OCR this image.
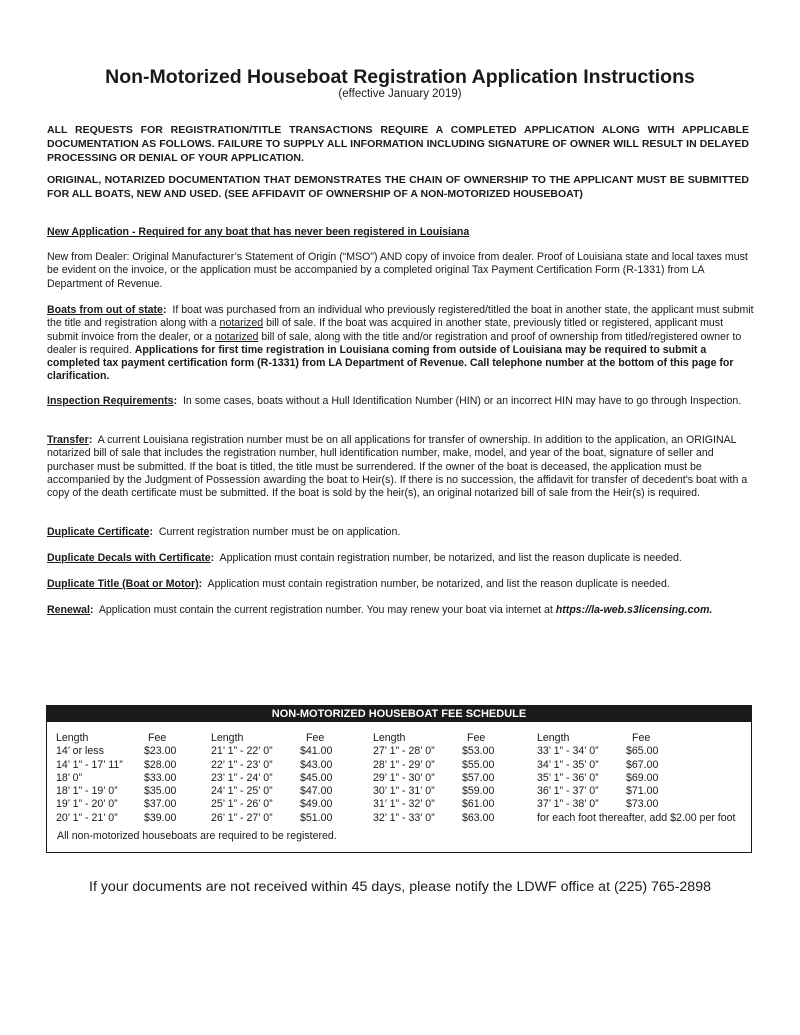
Non-Motorized Houseboat Registration Application Instructions

(effective January 2019)

ALL REQUESTS FOR REGISTRATION/TITLE TRANSACTIONS REQUIRE A COMPLETED APPLICATION ALONG WITH APPLICABLE DOCUMENTATION AS FOLLOWS. FAILURE TO SUPPLY ALL INFORMATION INCLUDING SIGNATURE OF OWNER WILL RESULT IN DELAYED PROCESSING OR DENIAL OF YOUR APPLICATION.

ORIGINAL, NOTARIZED DOCUMENTATION THAT DEMONSTRATES THE CHAIN OF OWNERSHIP TO THE APPLICANT MUST BE SUBMITTED FOR ALL BOATS, NEW AND USED. (SEE AFFIDAVIT OF OWNERSHIP OF A NON-MOTORIZED HOUSEBOAT)

New Application - Required for any boat that has never been registered in Louisiana

New from Dealer: Original Manufacturer’s Statement of Origin (“MSO”) AND copy of invoice from dealer. Proof of Louisiana state and local taxes must be evident on the invoice, or the application must be accompanied by a completed original Tax Payment Certification Form (R-1331) from LA Department of Revenue.

Boats from out of state: If boat was purchased from an individual who previously registered/titled the boat in another state, the applicant must submit the title and registration along with a notarized bill of sale. If the boat was acquired in another state, previously titled or registered, applicant must submit invoice from the dealer, or a notarized bill of sale, along with the title and/or registration and proof of ownership from titled/registered owner to dealer is required. Applications for first time registration in Louisiana coming from outside of Louisiana may be required to submit a completed tax payment certification form (R-1331) from LA Department of Revenue. Call telephone number at the bottom of this page for clarification.

Inspection Requirements: In some cases, boats without a Hull Identification Number (HIN) or an incorrect HIN may have to go through Inspection.

Transfer: A current Louisiana registration number must be on all applications for transfer of ownership. In addition to the application, an ORIGINAL notarized bill of sale that includes the registration number, hull identification number, make, model, and year of the boat, signature of seller and purchaser must be submitted. If the boat is titled, the title must be surrendered. If the owner of the boat is deceased, the application must be accompanied by the Judgment of Possession awarding the boat to Heir(s). If there is no succession, the affidavit for transfer of decedent's boat with a copy of the death certificate must be submitted. If the boat is sold by the heir(s), an original notarized bill of sale from the Heir(s) is required.

Duplicate Certificate: Current registration number must be on application.

Duplicate Decals with Certificate: Application must contain registration number, be notarized, and list the reason duplicate is needed.

Duplicate Title (Boat or Motor): Application must contain registration number, be notarized, and list the reason duplicate is needed.

Renewal: Application must contain the current registration number. You may renew your boat via internet at https://la-web.s3licensing.com.

NON-MOTORIZED HOUSEBOAT FEE SCHEDULE
Length	Fee
14’ or less	$23.00
14’ 1” - 17’ 11” $28.00
18’ 0”	$33.00
18’ 1” - 19’ 0” $35.00
19’ 1” - 20’ 0” $37.00
20’ 1” - 21’ 0” $39.00
Length	Fee
21’ 1” - 22’ 0”	$41.00
22’ 1” - 23’ 0”	$43.00
23’ 1” - 24’ 0”	$45.00
24’ 1” - 25’ 0”	$47.00
25’ 1” - 26’ 0”	$49.00
26’ 1” - 27’ 0”	$51.00
Length	Fee
27’ 1” - 28’ 0”	$53.00
28’ 1” - 29’ 0”	$55.00
29’ 1” - 30’ 0”	$57.00
30’ 1” - 31’ 0”	$59.00
31’ 1” - 32’ 0”	$61.00
32’ 1” - 33’ 0”	$63.00
Length	Fee
33’ 1” - 34’ 0”	$65.00
34’ 1” - 35’ 0”	$67.00
35’ 1” - 36’ 0”	$69.00
36’ 1” - 37’ 0”	$71.00
37’ 1” - 38’ 0”	$73.00
for each foot thereafter, add $2.00 per foot
All non-motorized houseboats are required to be registered.

If your documents are not received within 45 days, please notify the LDWF office at (225) 765-2898
